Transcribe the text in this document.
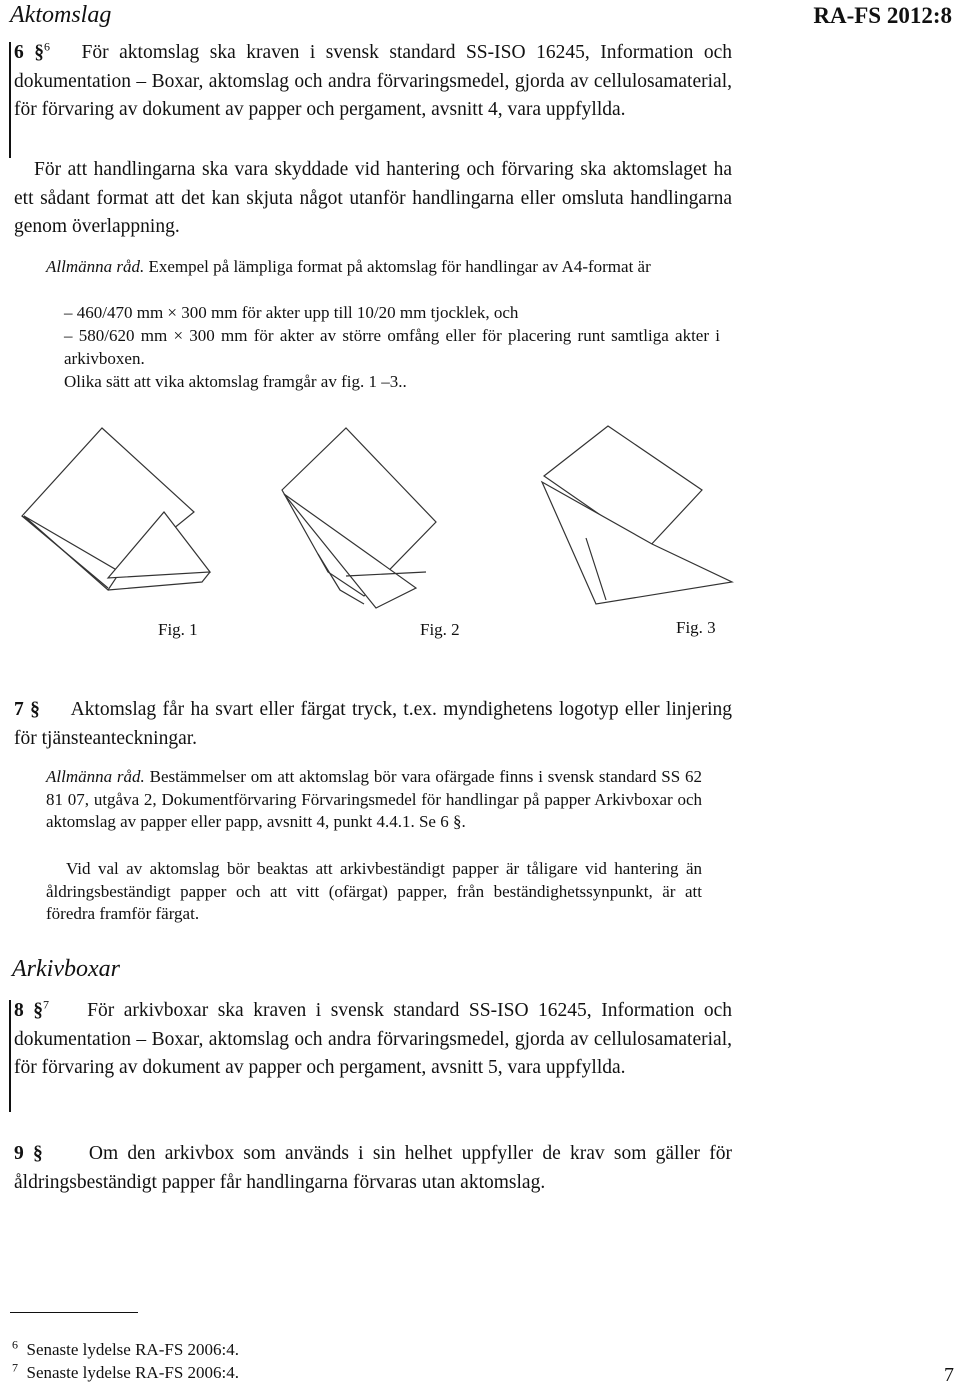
Aktomslag	RA-FS 2012:8
6 §$^6$ För aktomslag ska kraven i svensk standard SS-ISO 16245, Information och dokumentation – Boxar, aktomslag och andra förvaringsmedel, gjorda av cellulosamaterial, för förvaring av dokument av papper och pergament, avsnitt 4, vara uppfyllda.
För att handlingarna ska vara skyddade vid hantering och förvaring ska aktomslaget ha ett sådant format att det kan skjuta något utanför handlingarna eller omsluta handlingarna genom överlappning.
Allmänna råd. Exempel på lämpliga format på aktomslag för handlingar av A4-format är
– 460/470 mm × 300 mm för akter upp till 10/20 mm tjocklek, och
– 580/620 mm × 300 mm för akter av större omfång eller för placering runt samtliga akter i arkivboxen.
Olika sätt att vika aktomslag framgår av fig. 1 –3..
Fig. 1	Fig. 2	Fig. 3
7 § Aktomslag får ha svart eller färgat tryck, t.ex. myndighetens logotyp eller linjering för tjänsteanteckningar.
Allmänna råd. Bestämmelser om att aktomslag bör vara ofärgade finns i svensk standard SS 62 81 07, utgåva 2, Dokumentförvaring Förvaringsmedel för handlingar på papper Arkivboxar och aktomslag av papper eller papp, avsnitt 4, punkt 4.4.1. Se 6 §.
Vid val av aktomslag bör beaktas att arkivbeständigt papper är tåligare vid hantering än åldringsbeständigt papper och att vitt (ofärgat) papper, från beständighetssynpunkt, är att föredra framför färgat.
Arkivboxar
8 §$^7$ För arkivboxar ska kraven i svensk standard SS-ISO 16245, Information och dokumentation – Boxar, aktomslag och andra förvaringsmedel, gjorda av cellulosamaterial, för förvaring av dokument av papper och pergament, avsnitt 5, vara uppfyllda.
9 § Om den arkivbox som används i sin helhet uppfyller de krav som gäller för åldringsbeständigt papper får handlingarna förvaras utan aktomslag.
$^6$ Senaste lydelse RA-FS 2006:4.
$^7$ Senaste lydelse RA-FS 2006:4.	7
